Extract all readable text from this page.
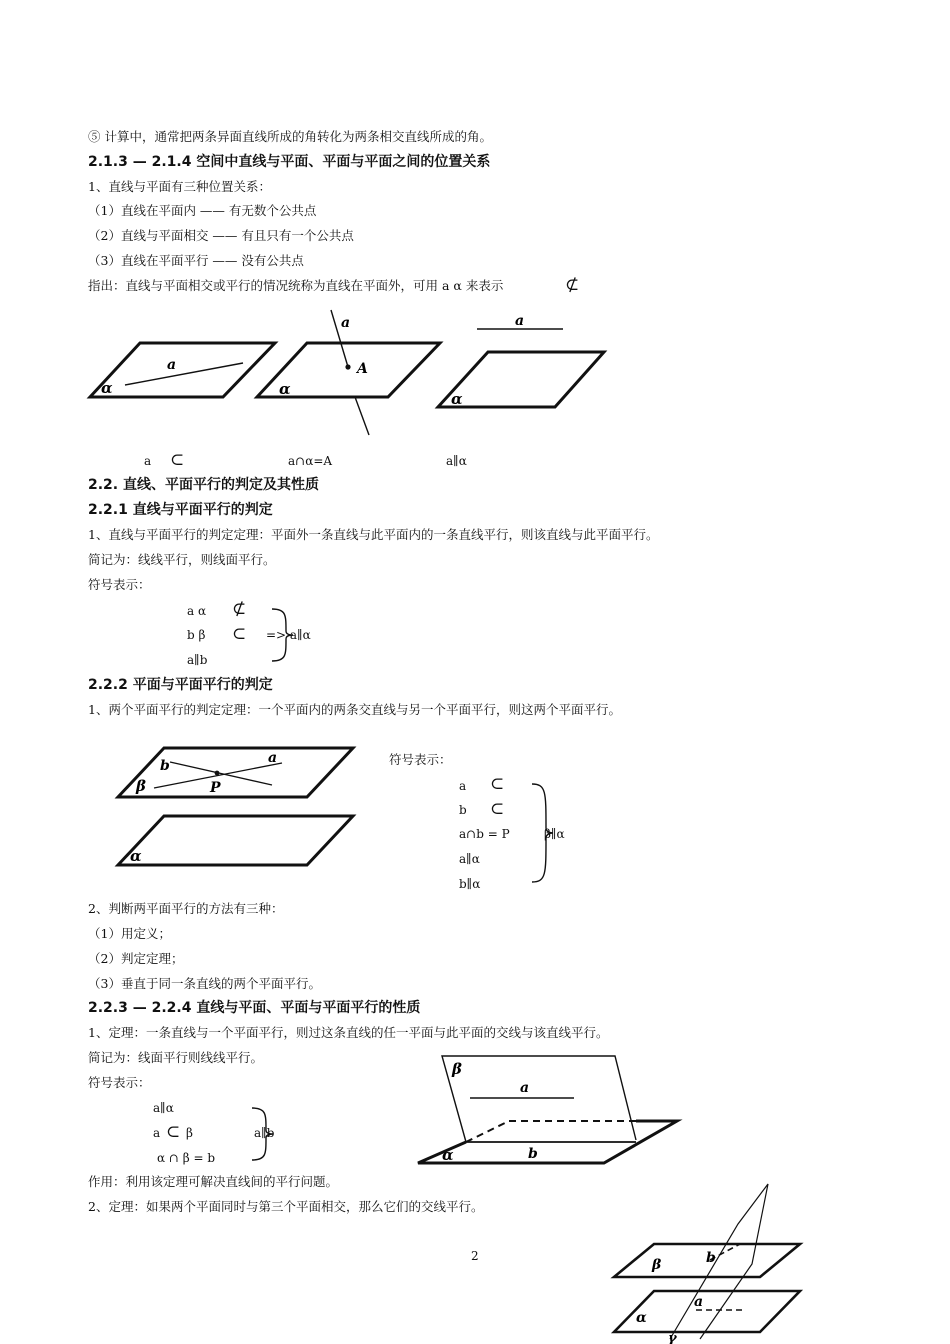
⑤ 计算中，通常把两条异面直线所成的角转化为两条相交直线所成的角。
2.1.3 — 2.1.4 空间中直线与平面、平面与平面之间的位置关系
1、直线与平面有三种位置关系：
（1）直线在平面内 —— 有无数个公共点
（2）直线与平面相交 —— 有且只有一个公共点
（3）直线在平面平行 —— 没有公共点
指出：直线与平面相交或平行的情况统称为直线在平面外，可用 a α 来表示	⊄
a
α
a
A
α
a
α
a ⊂	a∩α=A	a∥α
2.2. 直线、平面平行的判定及其性质
2.2.1 直线与平面平行的判定
1、直线与平面平行的判定定理：平面外一条直线与此平面内的一条直线平行，则该直线与此平面平行。
简记为：线线平行，则线面平行。
符号表示：
a α ⊄
b β ⊂
a∥b
=> a∥α
2.2.2 平面与平面平行的判定
1、两个平面平行的判定定理：一个平面内的两条交直线与另一个平面平行，则这两个平面平行。
a
b
P
β
α
符号表示：
a ⊂
b ⊂
a∩b = P
a∥α
b∥α
β∥α
2、判断两平面平行的方法有三种：
（1）用定义；
（2）判定定理；
（3）垂直于同一条直线的两个平面平行。
2.2.3 — 2.2.4 直线与平面、平面与平面平行的性质
1、定理：一条直线与一个平面平行，则过这条直线的任一平面与此平面的交线与该直线平行。
简记为：线面平行则线线平行。
符号表示：
a∥α
a ⊂ β
α ∩ β = b
a∥b
β
a
b
α
作用：利用该定理可解决直线间的平行问题。
2、定理：如果两个平面同时与第三个平面相交，那么它们的交线平行。
2
β	b
α
a
γ
